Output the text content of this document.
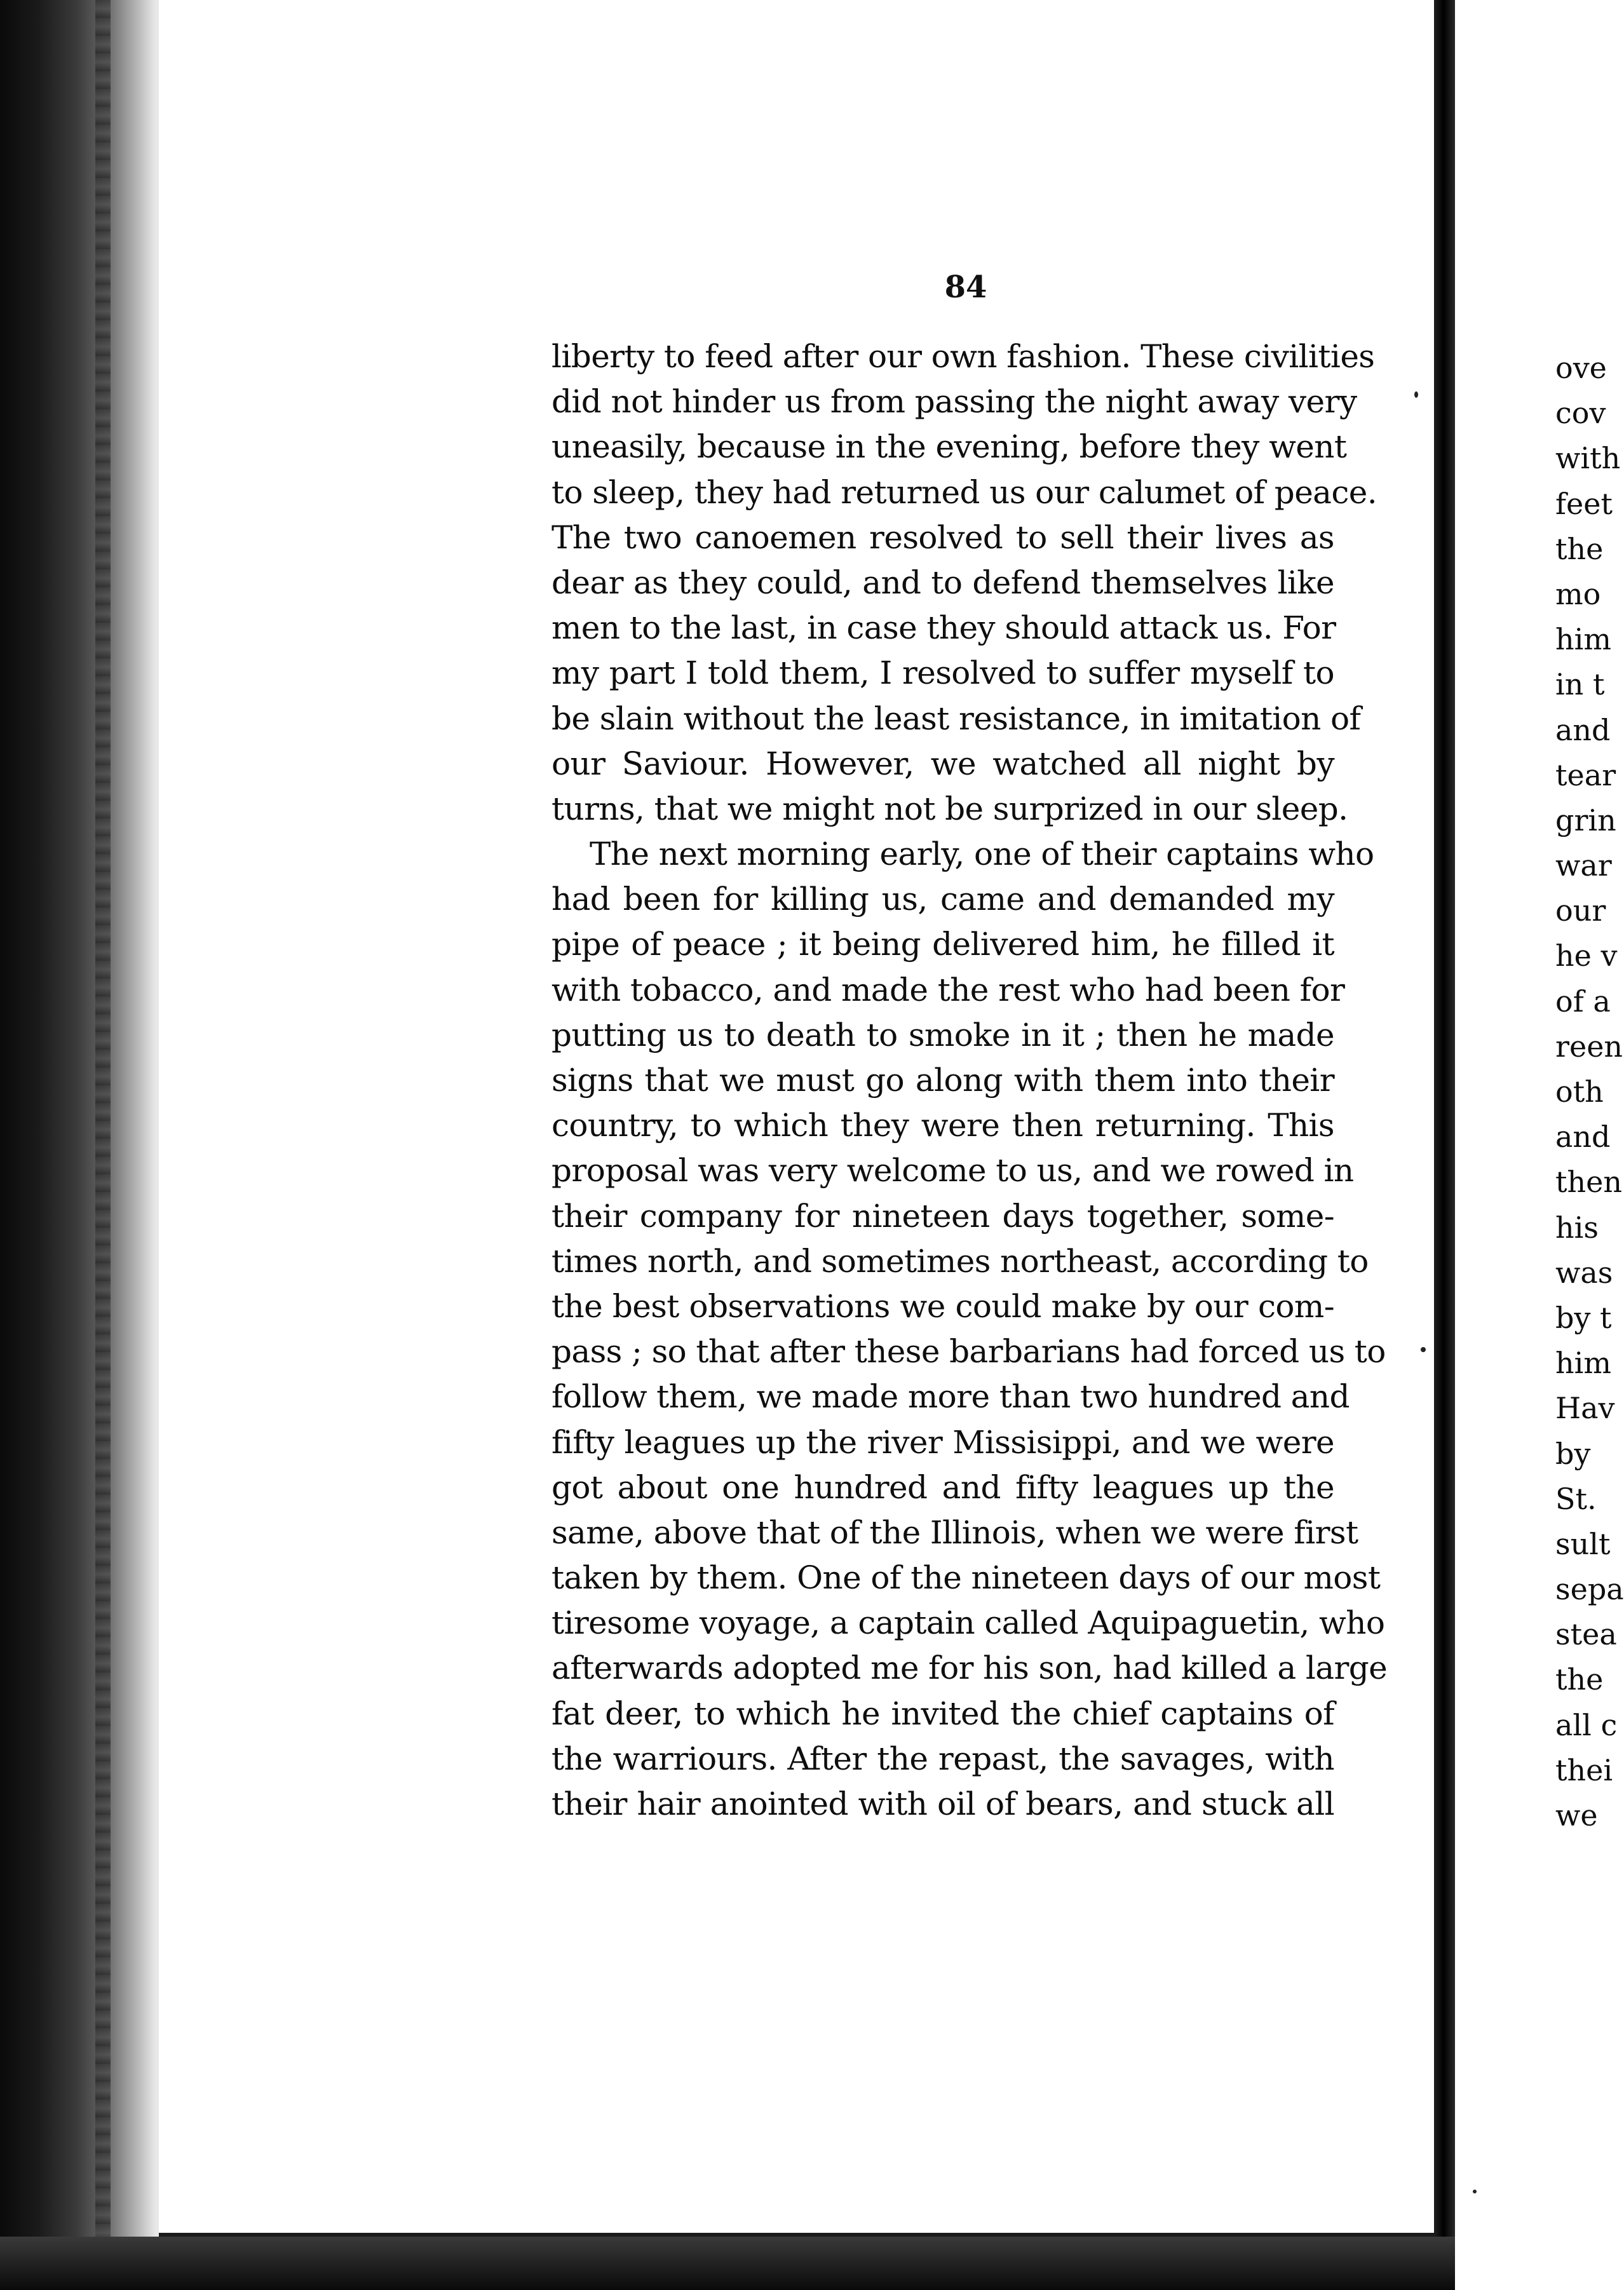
84
liberty to feed after our own fashion. These civilities
did not hinder us from passing the night away very
uneasily, because in the evening, before they went
to sleep, they had returned us our calumet of peace.
The two canoemen resolved to sell their lives as
dear as they could, and to defend themselves like
men to the last, in case they should attack us. For
my part I told them, I resolved to suffer myself to
be slain without the least resistance, in imitation of
our Saviour. However, we watched all night by
turns, that we might not be surprized in our sleep.
The next morning early, one of their captains who
had been for killing us, came and demanded my
pipe of peace ; it being delivered him, he filled it
with tobacco, and made the rest who had been for
putting us to death to smoke in it ; then he made
signs that we must go along with them into their
country, to which they were then returning. This
proposal was very welcome to us, and we rowed in
their company for nineteen days together, some-
times north, and sometimes northeast, according to
the best observations we could make by our com-
pass ; so that after these barbarians had forced us to
follow them, we made more than two hundred and
fifty leagues up the river Missisippi, and we were
got about one hundred and fifty leagues up the
same, above that of the Illinois, when we were first
taken by them. One of the nineteen days of our most
tiresome voyage, a captain called Aquipaguetin, who
afterwards adopted me for his son, had killed a large
fat deer, to which he invited the chief captains of
the warriours. After the repast, the savages, with
their hair anointed with oil of bears, and stuck all
ove
cov
with
feet
the
mo
him
in t
and
tear
grin
war
our
he v
of a
reen
oth
and
then
his
was
by t
him
Hav
by
St.
sult
sepa
stea
the
all c
thei
we
